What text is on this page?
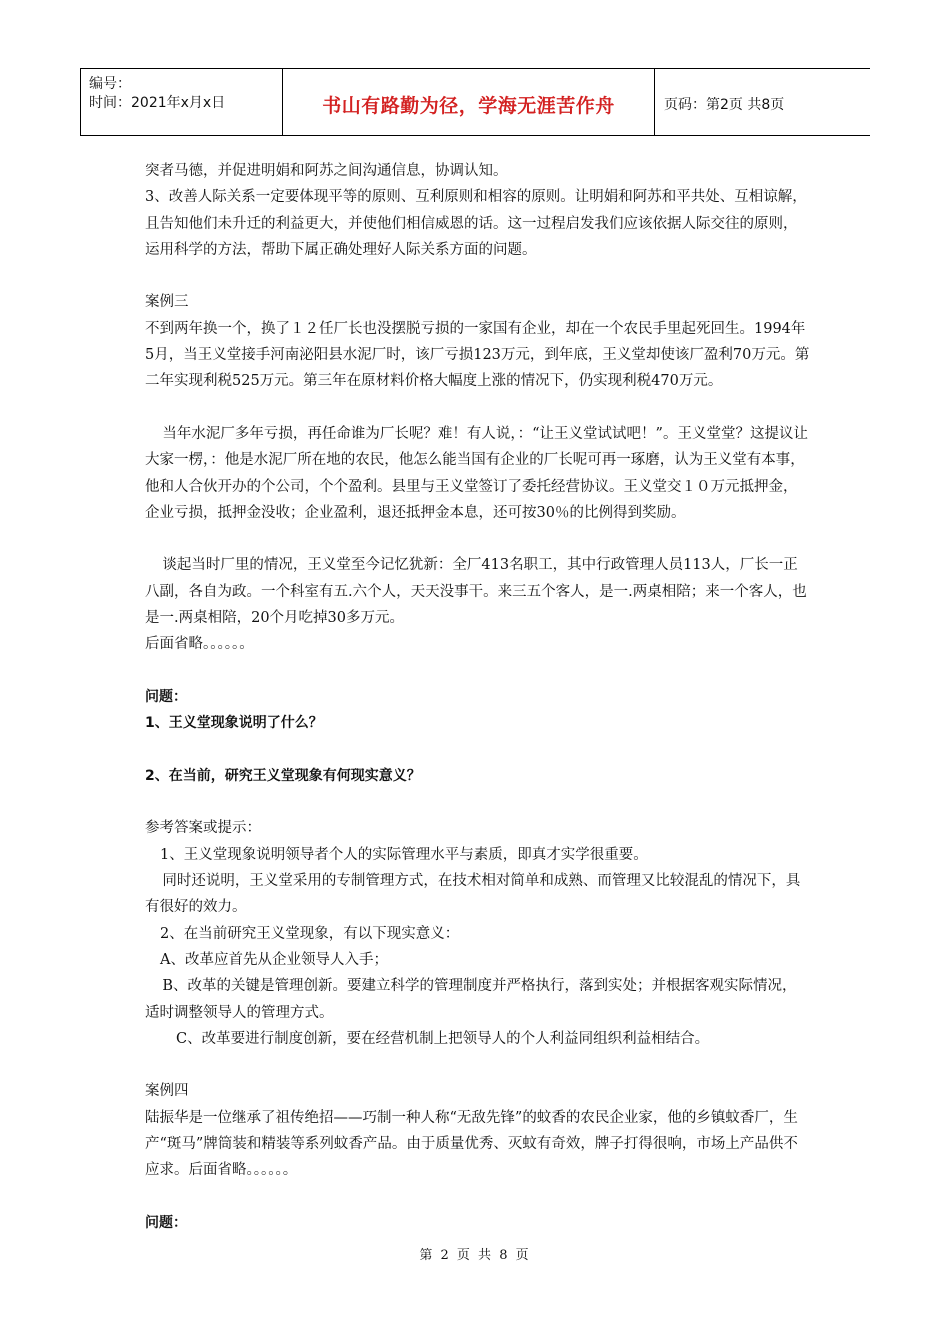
编号：
时间：2021年x月x日	书山有路勤为径，学海无涯苦作舟	页码：第2页 共8页

突者马德，并促进明娟和阿苏之间沟通信息，协调认知。

3、改善人际关系一定要体现平等的原则、互利原则和相容的原则。让明娟和阿苏和平共处、互相谅解，且告知他们未升迁的利益更大，并使他们相信威恩的话。这一过程启发我们应该依据人际交往的原则，运用科学的方法，帮助下属正确处理好人际关系方面的问题。

案例三

不到两年换一个，换了１２任厂长也没摆脱亏损的一家国有企业，却在一个农民手里起死回生。1994年5月，当王义堂接手河南泌阳县水泥厂时，该厂亏损123万元，到年底，王义堂却使该厂盈利70万元。第二年实现利税525万元。第三年在原材料价格大幅度上涨的情况下，仍实现利税470万元。

当年水泥厂多年亏损，再任命谁为厂长呢？难！有人说，：“让王义堂试试吧！”。王义堂堂？这提议让大家一楞，：他是水泥厂所在地的农民，他怎么能当国有企业的厂长呢可再一琢磨，认为王义堂有本事，他和人合伙开办的个公司，个个盈利。县里与王义堂签订了委托经营协议。王义堂交１０万元抵押金，企业亏损，抵押金没收；企业盈利，退还抵押金本息，还可按30％的比例得到奖励。

谈起当时厂里的情况，王义堂至今记忆犹新：全厂413名职工，其中行政管理人员113人，厂长一正八副，各自为政。一个科室有五.六个人，天天没事干。来三五个客人，是一.两桌相陪；来一个客人，也是一.两桌相陪，20个月吃掉30多万元。

后面省略。。。。。。

问题：

1、王义堂现象说明了什么？

2、在当前，研究王义堂现象有何现实意义？

参考答案或提示：

1、王义堂现象说明领导者个人的实际管理水平与素质，即真才实学很重要。

同时还说明，王义堂采用的专制管理方式，在技术相对简单和成熟、而管理又比较混乱的情况下，具有很好的效力。

2、在当前研究王义堂现象，有以下现实意义：

A、改革应首先从企业领导人入手；

B、改革的关键是管理创新。要建立科学的管理制度并严格执行，落到实处；并根据客观实际情况，适时调整领导人的管理方式。

C、改革要进行制度创新，要在经营机制上把领导人的个人利益同组织利益相结合。

案例四

陆振华是一位继承了祖传绝招——巧制一种人称“无敌先锋”的蚊香的农民企业家，他的乡镇蚊香厂，生产“斑马”牌筒装和精装等系列蚊香产品。由于质量优秀、灭蚊有奇效，牌子打得很响，市场上产品供不应求。后面省略。。。。。。

问题：

第 2 页 共 8 页
